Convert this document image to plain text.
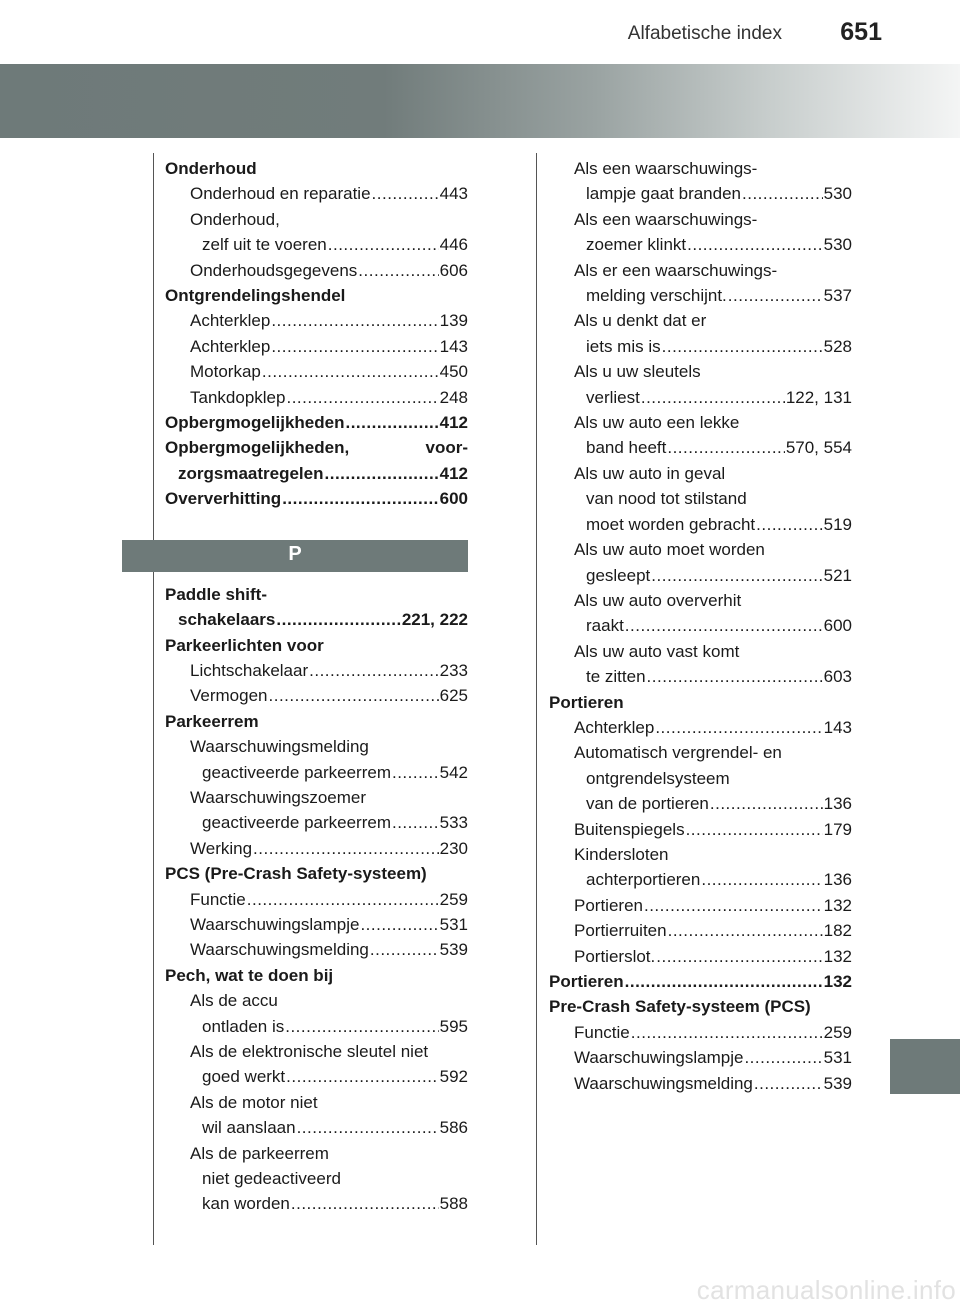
Alfabetische index 651
Onderhoud
Onderhoud en reparatie .....	443
Onderhoud,
zelf uit te voeren .....	446
Onderhoudsgegevens .....	606
Ontgrendelingshendel
Achterklep .....	139
Achterklep .....	143
Motorkap .....	450
Tankdopklep .....	248
Opbergmogelijkheden .....	412
Opbergmogelijkheden,	voor-
zorgsmaatregelen .....	412
Oververhitting .....	600
P
Paddle shift-
schakelaars .....	221, 222
Parkeerlichten voor
Lichtschakelaar .....	233
Vermogen .....	625
Parkeerrem
Waarschuwingsmelding
geactiveerde parkeerrem .....	542
Waarschuwingszoemer
geactiveerde parkeerrem .....	533
Werking .....	230
PCS (Pre-Crash Safety-systeem)
Functie .....	259
Waarschuwingslampje .....	531
Waarschuwingsmelding .....	539
Pech, wat te doen bij
Als de accu
ontladen is .....	595
Als de elektronische sleutel niet
goed werkt .....	592
Als de motor niet
wil aanslaan .....	586
Als de parkeerrem
niet gedeactiveerd
kan worden .....	588
Als een waarschuwings-
lampje gaat branden .....	530
Als een waarschuwings-
zoemer klinkt .....	530
Als er een waarschuwings-
melding verschijnt. .....	537
Als u denkt dat er
iets mis is .....	528
Als u uw sleutels
verliest .....	122, 131
Als uw auto een lekke
band heeft .....	570, 554
Als uw auto in geval
van nood tot stilstand
moet worden gebracht .....	519
Als uw auto moet worden
gesleept .....	521
Als uw auto oververhit
raakt .....	600
Als uw auto vast komt
te zitten .....	603
Portieren
Achterklep .....	143
Automatisch vergrendel- en
ontgrendelsysteem
van de portieren .....	136
Buitenspiegels .....	179
Kindersloten
achterportieren .....	136
Portieren .....	132
Portierruiten .....	182
Portierslot. .....	132
Portieren .....	132
Pre-Crash Safety-systeem (PCS)
Functie .....	259
Waarschuwingslampje .....	531
Waarschuwingsmelding .....	539
carmanualsonline.info
